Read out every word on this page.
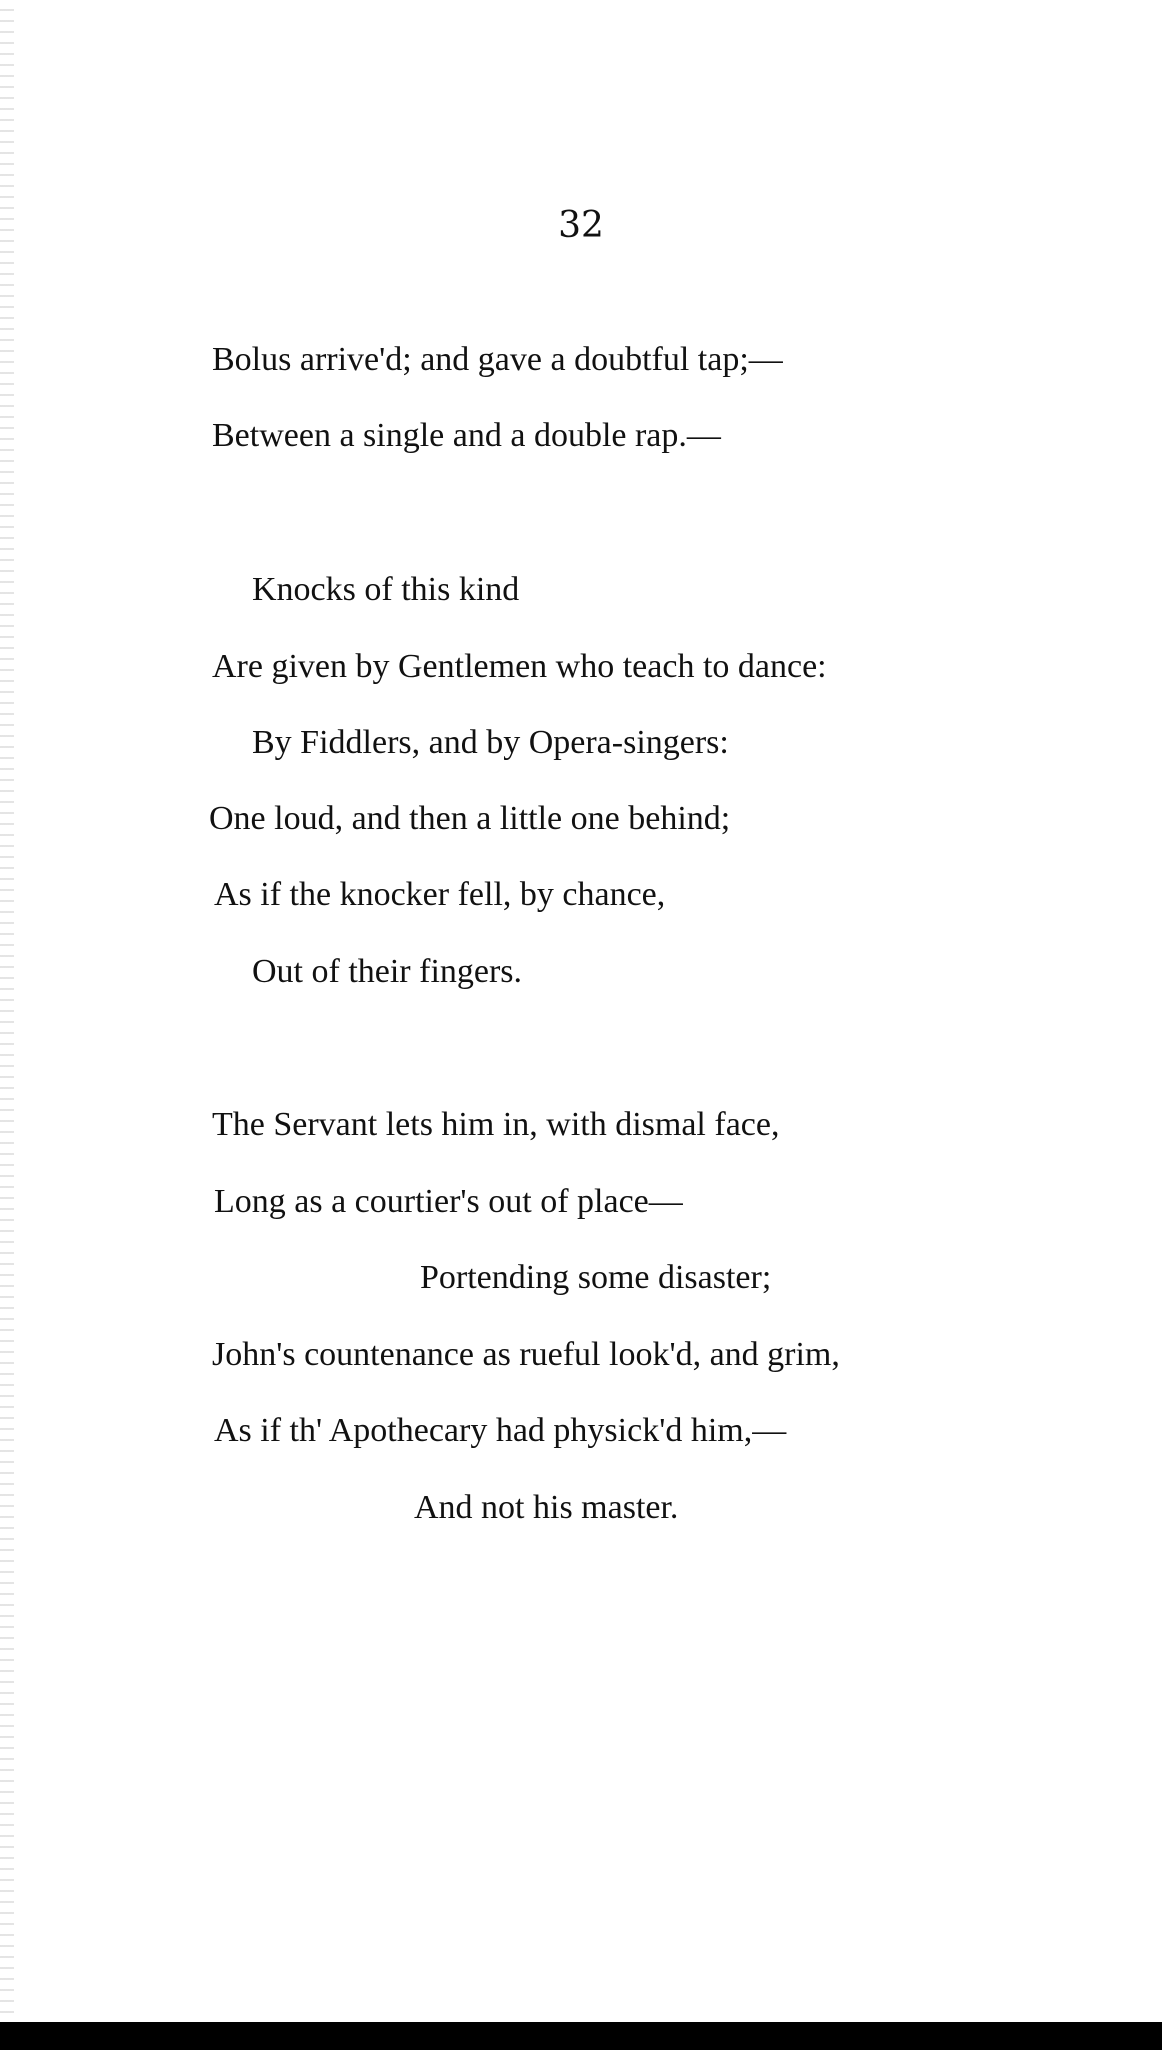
32
Bolus arrive'd; and gave a doubtful tap;—
Between a single and a double rap.—
Knocks of this kind
Are given by Gentlemen who teach to dance:
By Fiddlers, and by Opera-singers:
One loud, and then a little one behind;
As if the knocker fell, by chance,
Out of their fingers.
The Servant lets him in, with dismal face,
Long as a courtier's out of place—
Portending some disaster;
John's countenance as rueful look'd, and grim,
As if th' Apothecary had physick'd him,—
And not his master.
